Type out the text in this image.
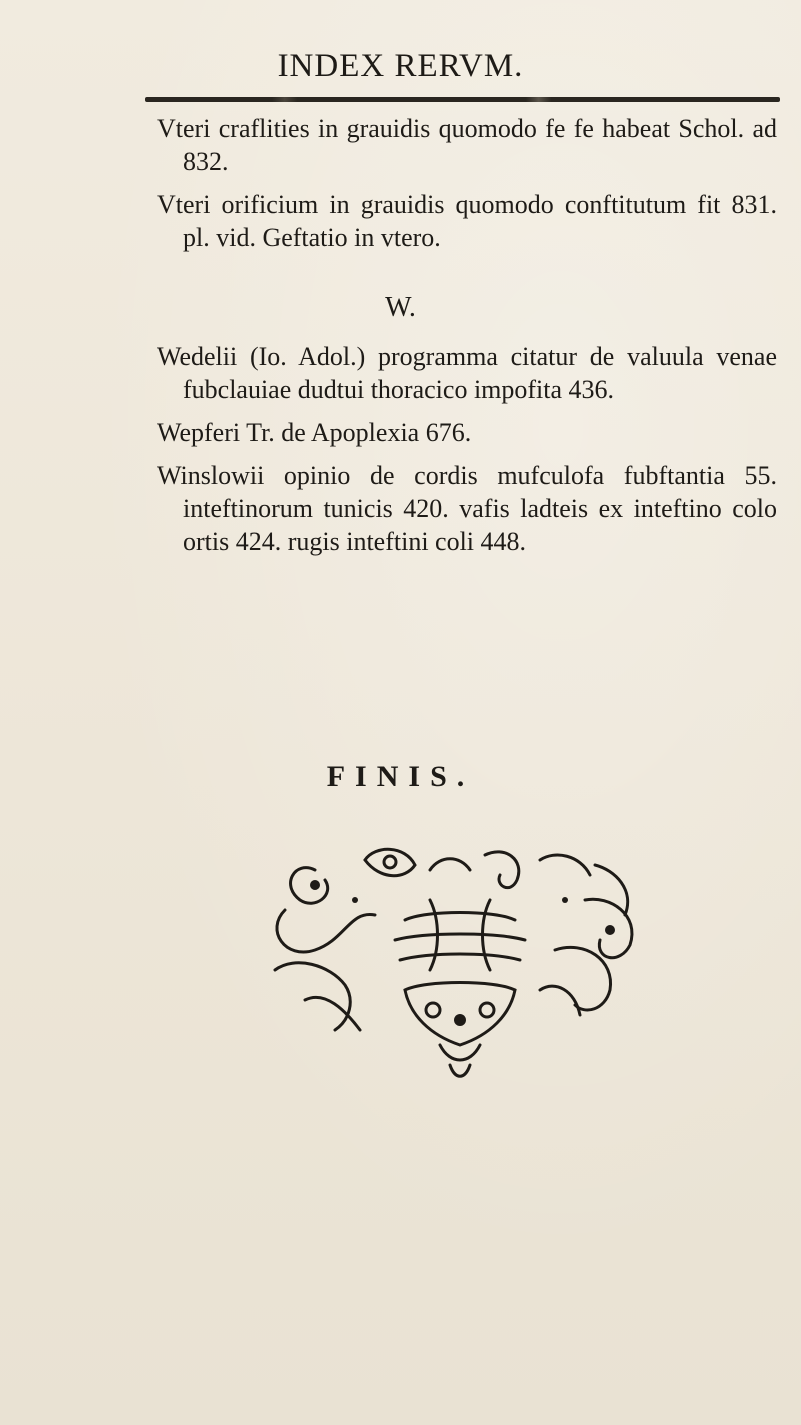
INDEX RERVM.

Vteri craflities in grauidis quomodo fe fe habeat Schol. ad 832.

Vteri orificium in grauidis quomodo conftitutum fit 831. pl. vid. Geftatio in vtero.

W.

Wedelii (Io. Adol.) programma citatur de valuula venae fubclauiae dudtui thoracico impofita 436.

Wepferi Tr. de Apoplexia 676.

Winslowii opinio de cordis mufculofa fubftantia 55. inteftinorum tunicis 420. vafis ladteis ex inteftino colo ortis 424. rugis inteftini coli 448.

FINIS.
